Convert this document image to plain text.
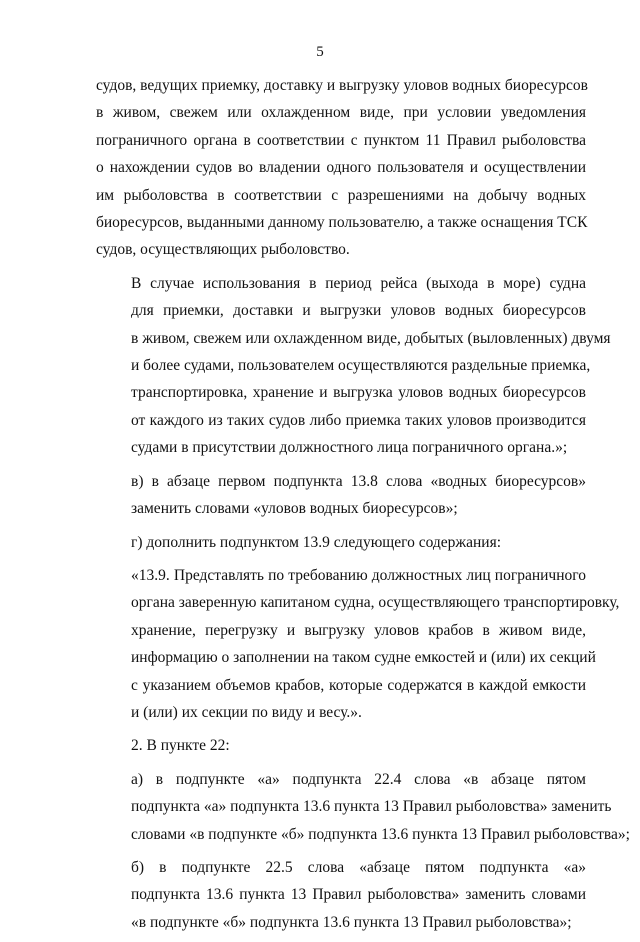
5
судов, ведущих приемку, доставку и выгрузку уловов водных биоресурсов
в живом, свежем или охлажденном виде, при условии уведомления
пограничного органа в соответствии с пунктом 11 Правил рыболовства
о нахождении судов во владении одного пользователя и осуществлении
им рыболовства в соответствии с разрешениями на добычу водных
биоресурсов, выданными данному пользователю, а также оснащения ТСК
судов, осуществляющих рыболовство.
В случае использования в период рейса (выхода в море) судна
для приемки, доставки и выгрузки уловов водных биоресурсов
в живом, свежем или охлажденном виде, добытых (выловленных) двумя
и более судами, пользователем осуществляются раздельные приемка,
транспортировка, хранение и выгрузка уловов водных биоресурсов
от каждого из таких судов либо приемка таких уловов производится
судами в присутствии должностного лица пограничного органа.»;
в) в абзаце первом подпункта 13.8 слова «водных биоресурсов»
заменить словами «уловов водных биоресурсов»;
г) дополнить подпунктом 13.9 следующего содержания:
«13.9. Представлять по требованию должностных лиц пограничного
органа заверенную капитаном судна, осуществляющего транспортировку,
хранение, перегрузку и выгрузку уловов крабов в живом виде,
информацию о заполнении на таком судне емкостей и (или) их секций
с указанием объемов крабов, которые содержатся в каждой емкости
и (или) их секции по виду и весу.».
2. В пункте 22:
а) в подпункте «а» подпункта 22.4 слова «в абзаце пятом
подпункта «а» подпункта 13.6 пункта 13 Правил рыболовства» заменить
словами «в подпункте «б» подпункта 13.6 пункта 13 Правил рыболовства»;
б) в подпункте 22.5 слова «абзаце пятом подпункта «а»
подпункта 13.6 пункта 13 Правил рыболовства» заменить словами
«в подпункте «б» подпункта 13.6 пункта 13 Правил рыболовства»;
